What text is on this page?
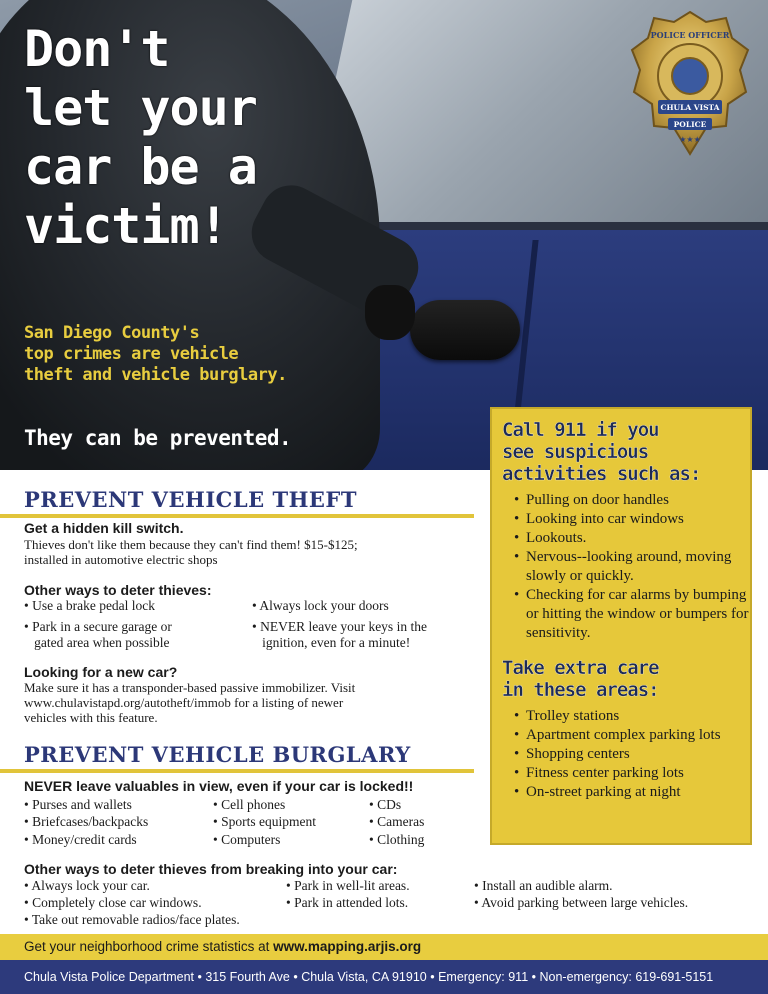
POLICE OFFICER
CHULA VISTA
POLICE
★★★
Don't
let your
car be a
victim!
San Diego County's
top crimes are vehicle
theft and vehicle burglary.
They can be prevented.	Call 911 if you
see suspicious
activities such as:
• Pulling on door handles
• Looking into car windows
• Lookouts.
• Nervous--looking around, moving slowly or quickly.
• Checking for car alarms by bumping or hitting the window or bumpers for sensitivity.
Take extra care
in these areas:
• Trolley stations
• Apartment complex parking lots
• Shopping centers
• Fitness center parking lots
• On-street parking at night
PREVENT VEHICLE THEFT
Get a hidden kill switch.
Thieves don't like them because they can't find them! $15-$125;
installed in automotive electric shops
Other ways to deter thieves:
• Use a brake pedal lock
• Park in a secure garage or
gated area when possible
• Always lock your doors
• NEVER leave your keys in the
ignition, even for a minute!
Looking for a new car?
Make sure it has a transponder-based passive immobilizer. Visit
www.chulavistapd.org/autotheft/immob for a listing of newer
vehicles with this feature.
PREVENT VEHICLE BURGLARY
NEVER leave valuables in view, even if your car is locked!!
• Purses and wallets
• Briefcases/backpacks
• Money/credit cards
• Cell phones
• Sports equipment
• Computers
• CDs
• Cameras
• Clothing
Other ways to deter thieves from breaking into your car:
• Always lock your car.
• Completely close car windows.
• Take out removable radios/face plates.
• Park in well-lit areas.
• Park in attended lots.
• Install an audible alarm.
• Avoid parking between large vehicles.
Get your neighborhood crime statistics at www.mapping.arjis.org
Chula Vista Police Department • 315 Fourth Ave • Chula Vista, CA 91910 • Emergency: 911 • Non-emergency: 619-691-5151
